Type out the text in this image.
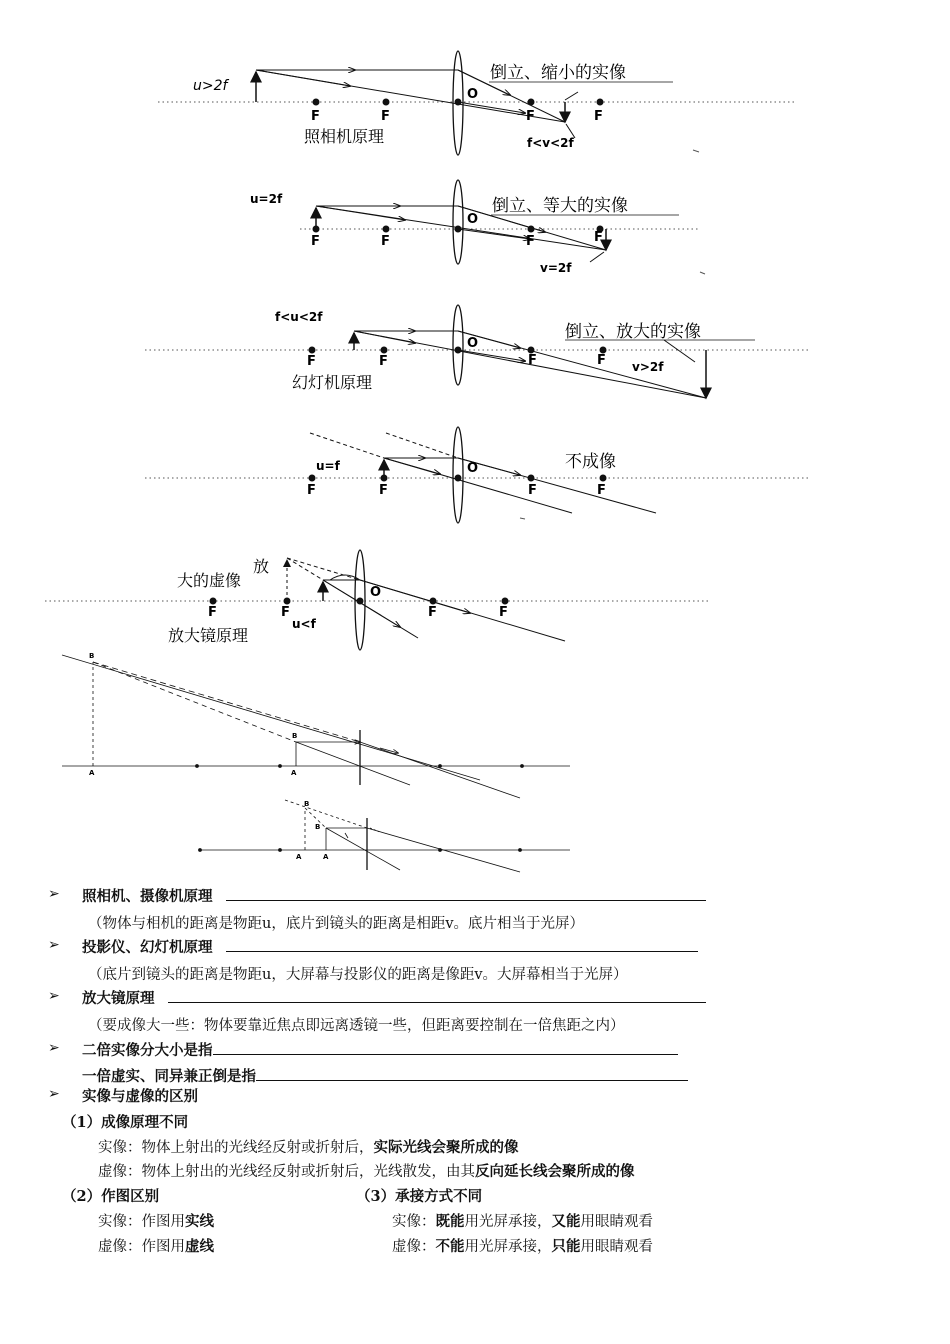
u>2f
倒立、缩小的实像
O
F	F	F	F
照相机原理	f<v<2f
u=2f	倒立、等大的实像
O
F	F	F	F
v=2f
f<u<2f
倒立、放大的实像
O
F	F	F	F
幻灯机原理
v>2f
u=f	不成像
O
F	F	F	F
放
大的虚像
O
F	F	F	F
u<f
放大镜原理
B
A
B
A
B
A
B
A
➢ 照相机、摄像机原理
（物体与相机的距离是物距u，底片到镜头的距离是相距v。底片相当于光屏）
➢ 投影仪、幻灯机原理
（底片到镜头的距离是物距u，大屏幕与投影仪的距离是像距v。大屏幕相当于光屏）
➢ 放大镜原理
（要成像大一些：物体要靠近焦点即远离透镜一些，但距离要控制在一倍焦距之内）
➢ 二倍实像分大小是指
一倍虚实、同异兼正倒是指
➢ 实像与虚像的区别
（1）成像原理不同
实像：物体上射出的光线经反射或折射后，实际光线会聚所成的像
虚像：物体上射出的光线经反射或折射后，光线散发，由其反向延长线会聚所成的像
（2）作图区别
实像：作图用实线
虚像：作图用虚线
（3）承接方式不同
实像：既能用光屏承接，又能用眼睛观看
虚像：不能用光屏承接，只能用眼睛观看
